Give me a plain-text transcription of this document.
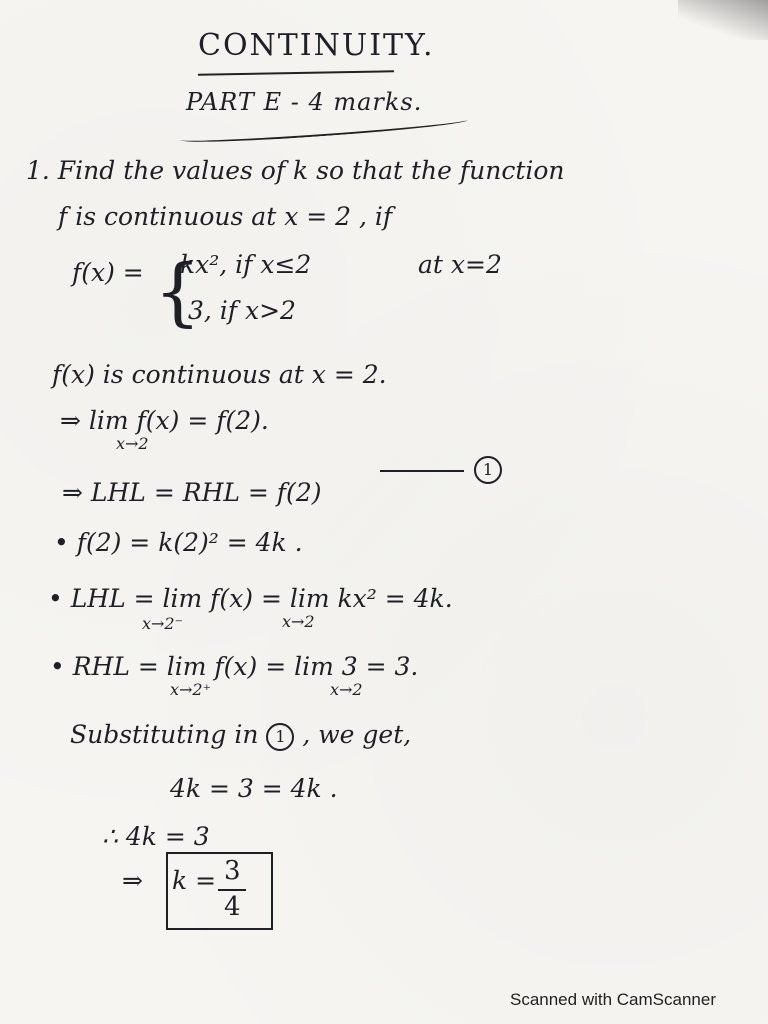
CONTINUITY.
PART E - 4 marks.
1. Find the values of k so that the function
f is continuous at x = 2 , if
f(x) = {
kx², if x≤2	at x=2
3, if x>2
f(x) is continuous at x = 2.
⇒ lim f(x) = f(2).
x→2
⇒ LHL = RHL = f(2)
1
• f(2) = k(2)² = 4k .
• LHL = lim f(x) = lim kx² = 4k.
x→2⁻	x→2
• RHL = lim f(x) = lim 3 = 3.
x→2⁺	x→2
Substituting in 1 , we get,
4k = 3 = 4k .
∴ 4k = 3
⇒ k = 3
4
Scanned with CamScanner
